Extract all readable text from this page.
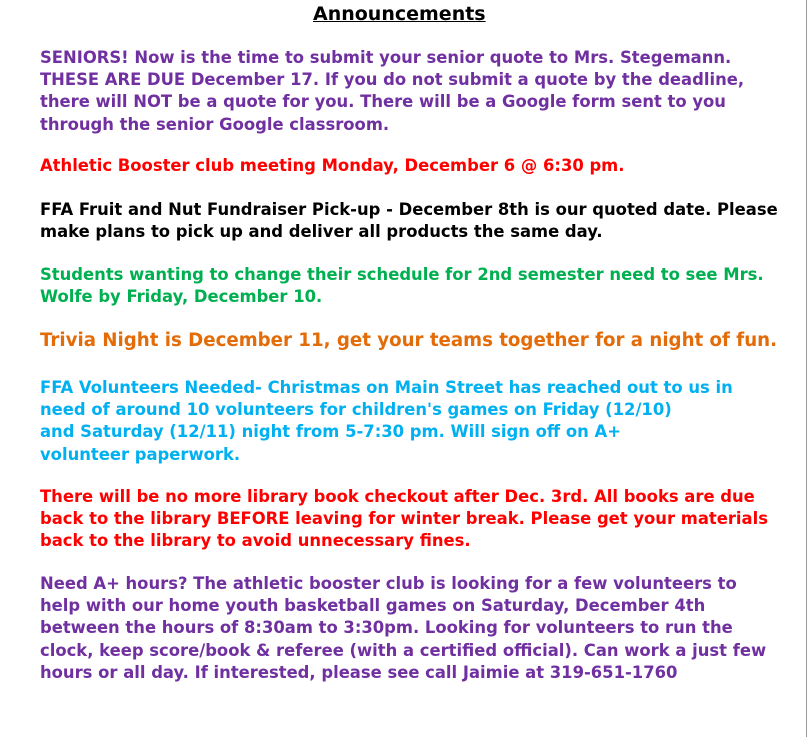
Announcements
SENIORS! Now is the time to submit your senior quote to Mrs. Stegemann.
THESE ARE DUE December 17. If you do not submit a quote by the deadline,
there will NOT be a quote for you. There will be a Google form sent to you
through the senior Google classroom.
Athletic Booster club meeting Monday, December 6 @ 6:30 pm.
FFA Fruit and Nut Fundraiser Pick-up - December 8th is our quoted date. Please
make plans to pick up and deliver all products the same day.
Students wanting to change their schedule for 2nd semester need to see Mrs.
Wolfe by Friday, December 10.
Trivia Night is December 11, get your teams together for a night of fun.
FFA Volunteers Needed- Christmas on Main Street has reached out to us in
need of around 10 volunteers for children's games on Friday (12/10)
and Saturday (12/11) night from 5-7:30 pm. Will sign off on A+
volunteer paperwork.
There will be no more library book checkout after Dec. 3rd. All books are due
back to the library BEFORE leaving for winter break. Please get your materials
back to the library to avoid unnecessary fines.
Need A+ hours? The athletic booster club is looking for a few volunteers to
help with our home youth basketball games on Saturday, December 4th
between the hours of 8:30am to 3:30pm. Looking for volunteers to run the
clock, keep score/book & referee (with a certified official). Can work a just few
hours or all day. If interested, please see call Jaimie at 319-651-1760
